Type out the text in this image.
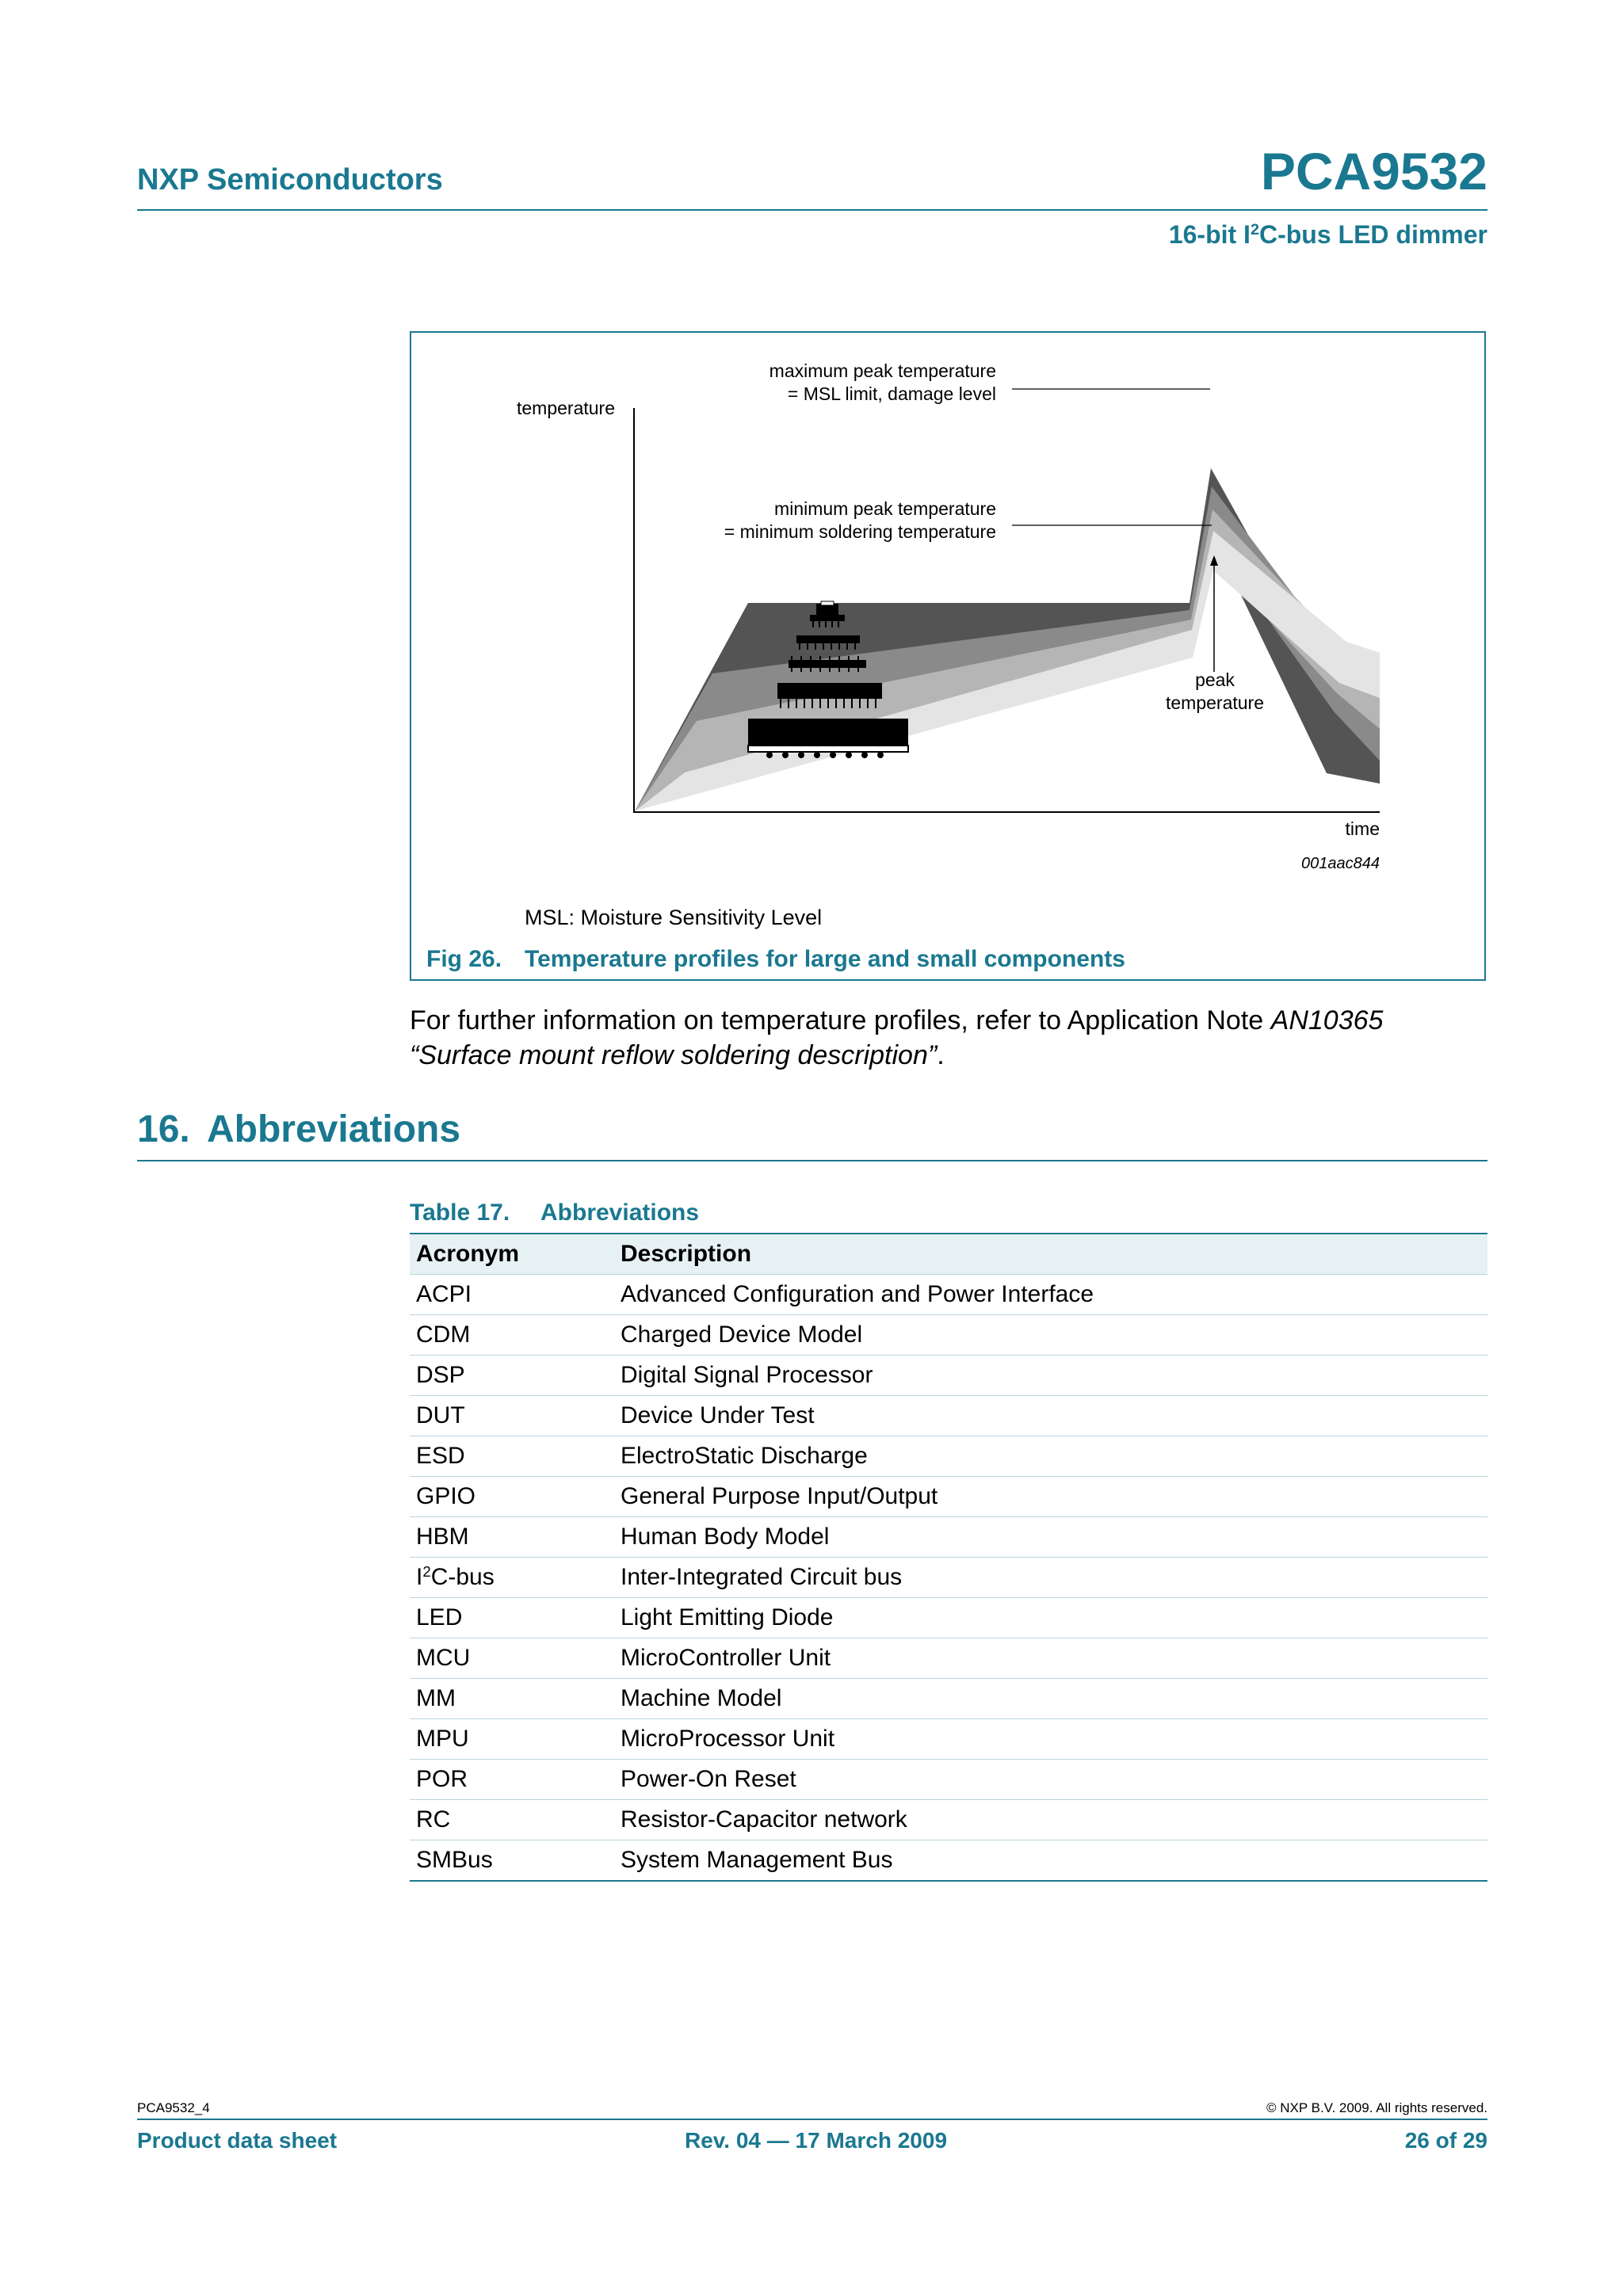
NXP Semiconductors	PCA9532
16-bit $I^2C$-bus LED dimmer
temperature
maximum peak temperature
= MSL limit, damage level
minimum peak temperature
= minimum soldering temperature
peak
temperature
time
001aac844
MSL: Moisture Sensitivity Level
Fig 26. Temperature profiles for large and small components
For further information on temperature profiles, refer to Application Note AN10365
“Surface mount reflow soldering description”.
16. Abbreviations
Table 17. Abbreviations
Acronym	Description
ACPI	Advanced Configuration and Power Interface
CDM	Charged Device Model
DSP	Digital Signal Processor
DUT	Device Under Test
ESD	ElectroStatic Discharge
GPIO	General Purpose Input/Output
HBM	Human Body Model
$I^2C$-bus	Inter-Integrated Circuit bus
LED	Light Emitting Diode
MCU	MicroController Unit
MM	Machine Model
MPU	MicroProcessor Unit
POR	Power-On Reset
RC	Resistor-Capacitor network
SMBus	System Management Bus
PCA9532_4	© NXP B.V. 2009. All rights reserved.
Product data sheet	Rev. 04 — 17 March 2009	26 of 29
